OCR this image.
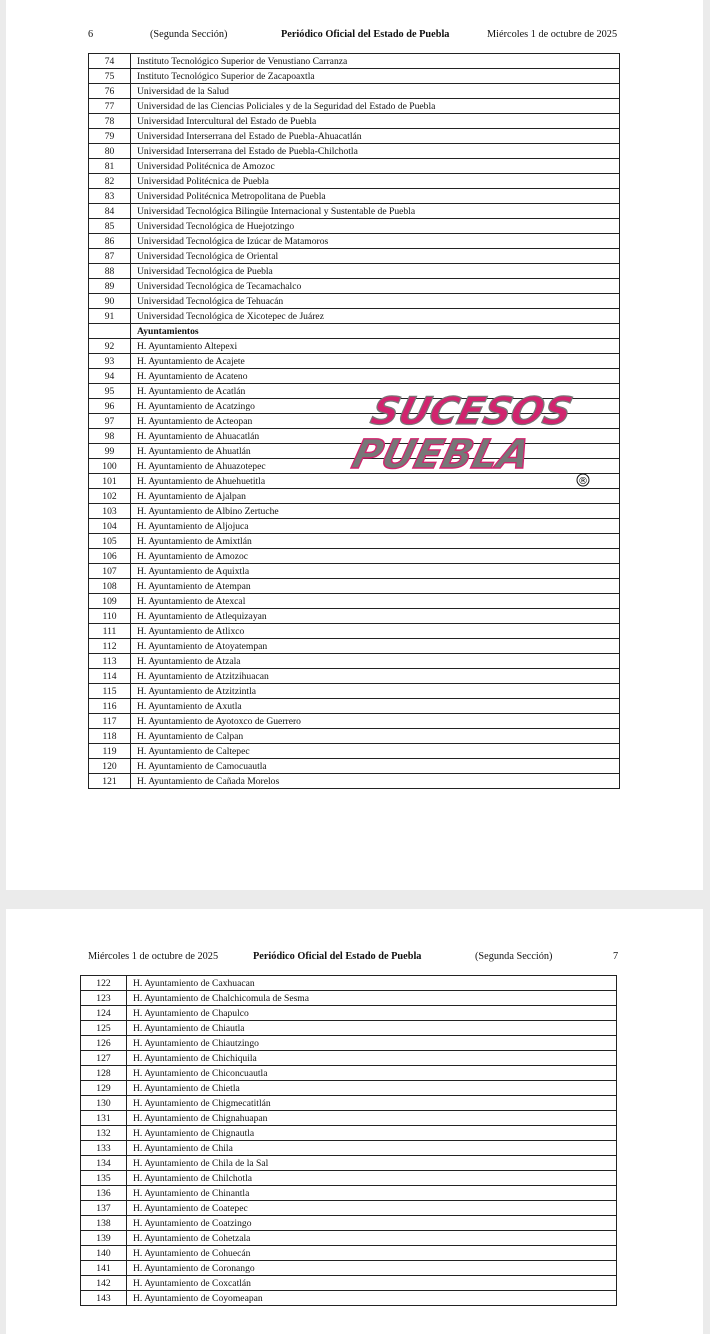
6	(Segunda Sección)	Periódico Oficial del Estado de Puebla	Miércoles 1 de octubre de 2025
74	Instituto Tecnológico Superior de Venustiano Carranza
75	Instituto Tecnológico Superior de Zacapoaxtla
76	Universidad de la Salud
77	Universidad de las Ciencias Policiales y de la Seguridad del Estado de Puebla
78	Universidad Intercultural del Estado de Puebla
79	Universidad Interserrana del Estado de Puebla-Ahuacatlán
80	Universidad Interserrana del Estado de Puebla-Chilchotla
81	Universidad Politécnica de Amozoc
82	Universidad Politécnica de Puebla
83	Universidad Politécnica Metropolitana de Puebla
84	Universidad Tecnológica Bilingüe Internacional y Sustentable de Puebla
85	Universidad Tecnológica de Huejotzingo
86	Universidad Tecnológica de Izúcar de Matamoros
87	Universidad Tecnológica de Oriental
88	Universidad Tecnológica de Puebla
89	Universidad Tecnológica de Tecamachalco
90	Universidad Tecnológica de Tehuacán
91	Universidad Tecnológica de Xicotepec de Juárez
	Ayuntamientos
92	H. Ayuntamiento Altepexi
93	H. Ayuntamiento de Acajete
94	H. Ayuntamiento de Acateno
95	H. Ayuntamiento de Acatlán
96	H. Ayuntamiento de Acatzingo
97	H. Ayuntamiento de Acteopan
98	H. Ayuntamiento de Ahuacatlán
99	H. Ayuntamiento de Ahuatlán
100	H. Ayuntamiento de Ahuazotepec
101	H. Ayuntamiento de Ahuehuetitla
102	H. Ayuntamiento de Ajalpan
103	H. Ayuntamiento de Albino Zertuche
104	H. Ayuntamiento de Aljojuca
105	H. Ayuntamiento de Amixtlán
106	H. Ayuntamiento de Amozoc
107	H. Ayuntamiento de Aquixtla
108	H. Ayuntamiento de Atempan
109	H. Ayuntamiento de Atexcal
110	H. Ayuntamiento de Atlequizayan
111	H. Ayuntamiento de Atlixco
112	H. Ayuntamiento de Atoyatempan
113	H. Ayuntamiento de Atzala
114	H. Ayuntamiento de Atzitzihuacan
115	H. Ayuntamiento de Atzitzintla
116	H. Ayuntamiento de Axutla
117	H. Ayuntamiento de Ayotoxco de Guerrero
118	H. Ayuntamiento de Calpan
119	H. Ayuntamiento de Caltepec
120	H. Ayuntamiento de Camocuautla
121	H. Ayuntamiento de Cañada Morelos
SUCESOS
PUEBLA
®
Miércoles 1 de octubre de 2025	Periódico Oficial del Estado de Puebla	(Segunda Sección)	7
122	H. Ayuntamiento de Caxhuacan
123	H. Ayuntamiento de Chalchicomula de Sesma
124	H. Ayuntamiento de Chapulco
125	H. Ayuntamiento de Chiautla
126	H. Ayuntamiento de Chiautzingo
127	H. Ayuntamiento de Chichiquila
128	H. Ayuntamiento de Chiconcuautla
129	H. Ayuntamiento de Chietla
130	H. Ayuntamiento de Chigmecatitlán
131	H. Ayuntamiento de Chignahuapan
132	H. Ayuntamiento de Chignautla
133	H. Ayuntamiento de Chila
134	H. Ayuntamiento de Chila de la Sal
135	H. Ayuntamiento de Chilchotla
136	H. Ayuntamiento de Chinantla
137	H. Ayuntamiento de Coatepec
138	H. Ayuntamiento de Coatzingo
139	H. Ayuntamiento de Cohetzala
140	H. Ayuntamiento de Cohuecán
141	H. Ayuntamiento de Coronango
142	H. Ayuntamiento de Coxcatlán
143	H. Ayuntamiento de Coyomeapan
